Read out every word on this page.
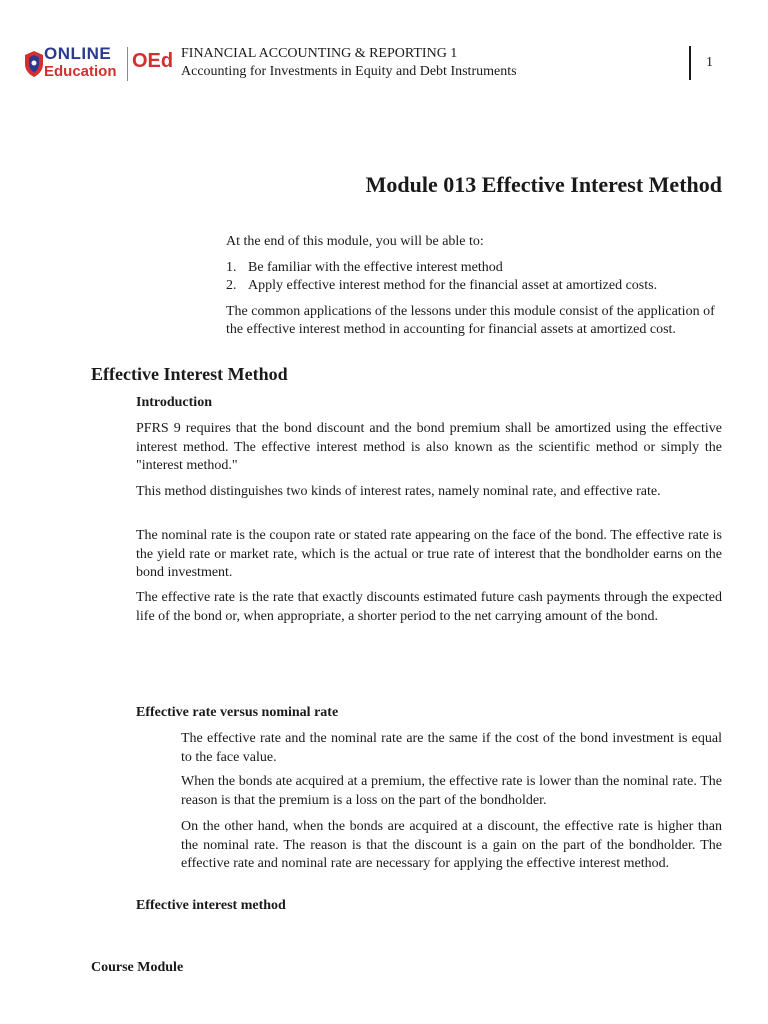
ONLINE
Education OEd FINANCIAL ACCOUNTING & REPORTING 1
Accounting for Investments in Equity and Debt Instruments
1
Module 013 Effective Interest Method
At the end of this module, you will be able to:
1. Be familiar with the effective interest method
2. Apply effective interest method for the financial asset at amortized costs.
The common applications of the lessons under this module consist of the application of the effective interest method in accounting for financial assets at amortized cost.
Effective Interest Method
Introduction
PFRS 9 requires that the bond discount and the bond premium shall be amortized using the effective interest method. The effective interest method is also known as the scientific method or simply the "interest method."
This method distinguishes two kinds of interest rates, namely nominal rate, and effective rate.
The nominal rate is the coupon rate or stated rate appearing on the face of the bond. The effective rate is the yield rate or market rate, which is the actual or true rate of interest that the bondholder earns on the bond investment.
The effective rate is the rate that exactly discounts estimated future cash payments through the expected life of the bond or, when appropriate, a shorter period to the net carrying amount of the bond.
Effective rate versus nominal rate
The effective rate and the nominal rate are the same if the cost of the bond investment is equal to the face value.
When the bonds ate acquired at a premium, the effective rate is lower than the nominal rate. The reason is that the premium is a loss on the part of the bondholder.
On the other hand, when the bonds are acquired at a discount, the effective rate is higher than the nominal rate. The reason is that the discount is a gain on the part of the bondholder. The effective rate and nominal rate are necessary for applying the effective interest method.
Effective interest method
Course Module
